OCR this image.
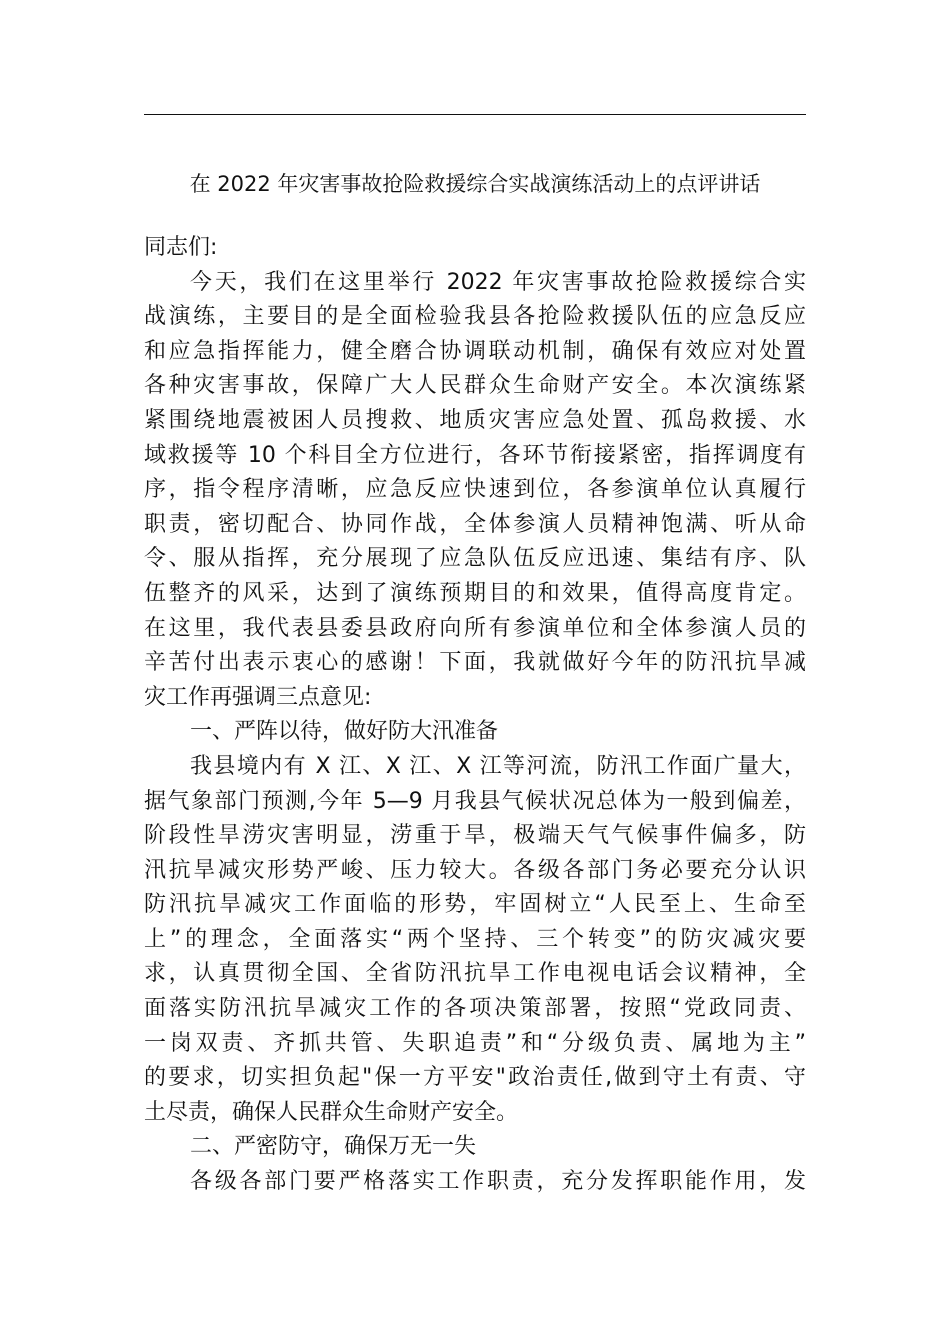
在 2022 年灾害事故抢险救援综合实战演练活动上的点评讲话
同志们:
今天，我们在这里举行 2022 年灾害事故抢险救援综合实
战演练，主要目的是全面检验我县各抢险救援队伍的应急反应
和应急指挥能力，健全磨合协调联动机制，确保有效应对处置
各种灾害事故，保障广大人民群众生命财产安全。本次演练紧
紧围绕地震被困人员搜救、地质灾害应急处置、孤岛救援、水
域救援等 10 个科目全方位进行，各环节衔接紧密，指挥调度有
序，指令程序清晰，应急反应快速到位，各参演单位认真履行
职责，密切配合、协同作战，全体参演人员精神饱满、听从命
令、服从指挥，充分展现了应急队伍反应迅速、集结有序、队
伍整齐的风采，达到了演练预期目的和效果，值得高度肯定。
在这里，我代表县委县政府向所有参演单位和全体参演人员的
辛苦付出表示衷心的感谢！下面，我就做好今年的防汛抗旱减
灾工作再强调三点意见:
一、严阵以待，做好防大汛准备
我县境内有 X 江、X 江、X 江等河流，防汛工作面广量大，
据气象部门预测,今年 5—9 月我县气候状况总体为一般到偏差，
阶段性旱涝灾害明显，涝重于旱，极端天气气候事件偏多，防
汛抗旱减灾形势严峻、压力较大。各级各部门务必要充分认识
防汛抗旱减灾工作面临的形势，牢固树立“人民至上、生命至
上”的理念，全面落实“两个坚持、三个转变”的防灾减灾要
求，认真贯彻全国、全省防汛抗旱工作电视电话会议精神，全
面落实防汛抗旱减灾工作的各项决策部署，按照“党政同责、
一岗双责、齐抓共管、失职追责”和“分级负责、属地为主”
的要求，切实担负起"保一方平安"政治责任,做到守土有责、守
土尽责，确保人民群众生命财产安全。
二、严密防守，确保万无一失
各级各部门要严格落实工作职责，充分发挥职能作用，发
